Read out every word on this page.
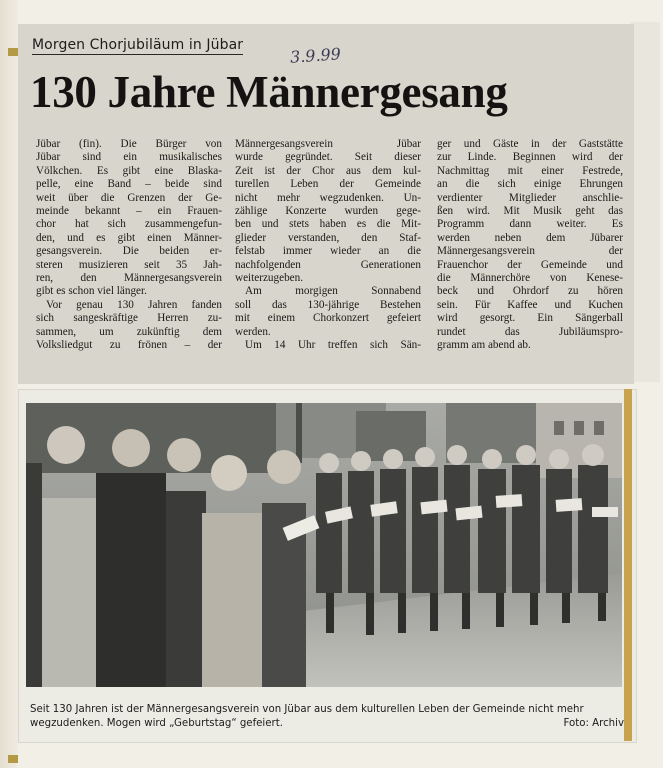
Morgen Chorjubiläum in Jübar	3.9.99
130 Jahre Männergesang
Jübar (fin). Die Bürger von
Jübar sind ein musikalisches
Völkchen. Es gibt eine Blaska-
pelle, eine Band – beide sind
weit über die Grenzen der Ge-
meinde bekannt – ein Frauen-
chor hat sich zusammengefun-
den, und es gibt einen Männer-
gesangsverein. Die beiden er-
steren musizieren seit 35 Jah-
ren, den Männergesangsverein
gibt es schon viel länger.
Vor genau 130 Jahren fanden
sich sangeskräftige Herren zu-
sammen, um zukünftig dem
Volksliedgut zu frönen – der
Männergesangsverein Jübar
wurde gegründet. Seit dieser
Zeit ist der Chor aus dem kul-
turellen Leben der Gemeinde
nicht mehr wegzudenken. Un-
zählige Konzerte wurden gege-
ben und stets haben es die Mit-
glieder verstanden, den Staf-
felstab immer wieder an die
nachfolgenden Generationen
weiterzugeben.
Am morgigen Sonnabend
soll das 130-jährige Bestehen
mit einem Chorkonzert gefeiert
werden.
Um 14 Uhr treffen sich Sän-
ger und Gäste in der Gaststätte
zur Linde. Beginnen wird der
Nachmittag mit einer Festrede,
an die sich einige Ehrungen
verdienter Mitglieder anschlie-
ßen wird. Mit Musik geht das
Programm dann weiter. Es
werden neben dem Jübarer
Männergesangsverein der
Frauenchor der Gemeinde und
die Männerchöre von Kenese-
beck und Ohrdorf zu hören
sein. Für Kaffee und Kuchen
wird gesorgt. Ein Sängerball
rundet das Jubiläumspro-
gramm am abend ab.
Seit 130 Jahren ist der Männergesangsverein von Jübar aus dem kulturellen Leben der Gemeinde nicht mehr
wegzudenken. Mogen wird „Geburtstag“ gefeiert.	Foto: Archiv
